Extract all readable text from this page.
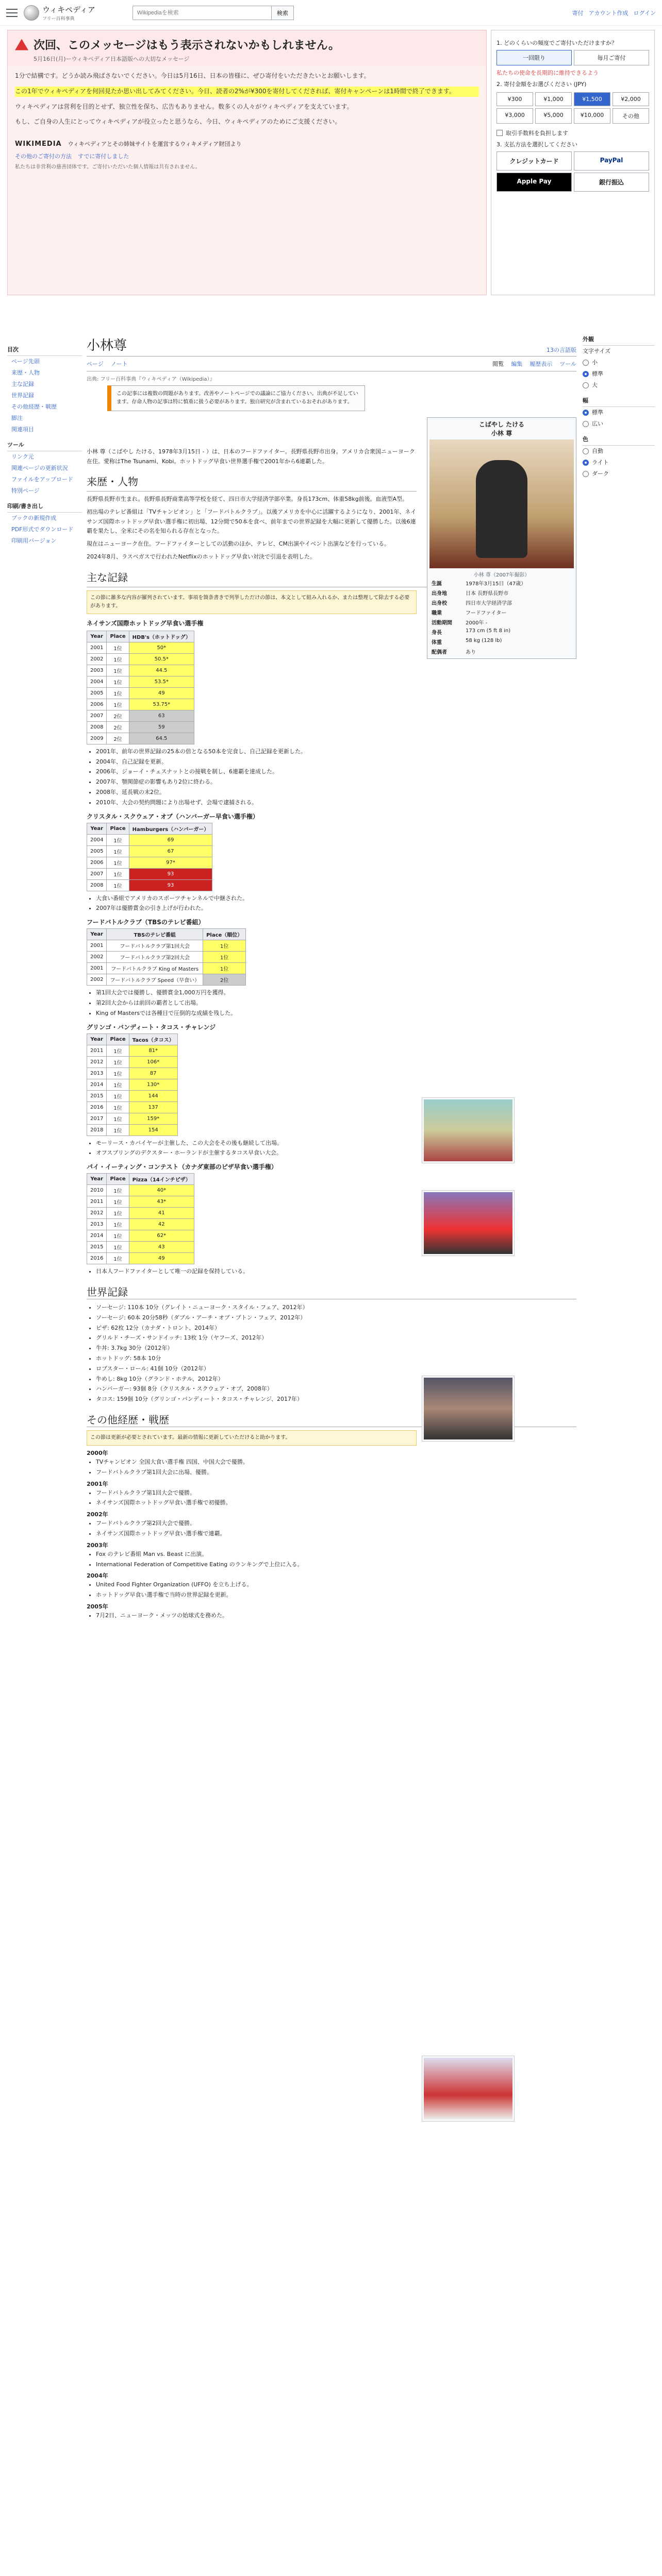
ウィキペディア
フリー百科事典
Wikipediaを検索
検索	寄付 アカウント作成 ログイン
次回、このメッセージはもう表示されないかもしれません。
5月16日(月)ーウィキペディア日本語版への大切なメッセージ

1分で結構です。どうか読み飛ばさないでください。今日は5月16日、日本の皆様に、ぜひ寄付をいただきたいとお願いします。

この1年でウィキペディアを何回見たか思い出してみてください。今日、読者の2%が¥300を寄付してくだされば、寄付キャンペーンは1時間で終了できます。

ウィキペディアは営利を目的とせず、独立性を保ち、広告もありません。数多くの人々がウィキペディアを支えています。

もし、ご自身の人生にとってウィキペディアが役立ったと思うなら、今日、ウィキペディアのためにご支援ください。

WIKIMEDIA ウィキペディアとその姉妹サイトを運営するウィキメディア財団より
その他のご寄付の方法 すでに寄付しました
私たちは非営利の慈善団体です。ご寄付いただいた個人情報は共有されません。
1. どのくらいの頻度でご寄付いただけますか？
一回限り	毎月ご寄付
私たちの使命を長期的に維持できるよう
2. 寄付金額をお選びください (JPY)
¥300	¥1,000	¥1,500	¥2,000
¥3,000	¥5,000	¥10,000	その他
取引手数料を負担します
3. 支払方法を選択してください
クレジットカード	PayPal
Apple Pay	銀行振込
目次
ページ先頭
来歴・人物
主な記録
世界記録
その他経歴・戦歴
脚注
関連項目
ツール
リンク元
関連ページの更新状況
ファイルをアップロード
特別ページ
印刷/書き出し
ブックの新規作成
PDF形式でダウンロード
印刷用バージョン
外観
文字サイズ
小
標準
大
幅
標準
広い
色
自動
ライト
ダーク
小林尊	13の言語版
ページ ノート	閲覧 編集 履歴表示 ツール
出典: フリー百科事典『ウィキペディア（Wikipedia）』
この記事には複数の問題があります。改善やノートページでの議論にご協力ください。出典が不足しています。存命人物の記事は特に慎重に扱う必要があります。独自研究が含まれているおそれがあります。
こばやし たける
小林 尊
小林 尊（2007年撮影）
生誕	1978年3月15日（47歳）
出身地	日本 長野県長野市
出身校	四日市大学経済学部
職業	フードファイター
活動期間	2000年 -
身長	173 cm (5 ft 8 in)
体重	58 kg (128 lb)
配偶者	あり

小林 尊（こばやし たける、1978年3月15日 - ）は、日本のフードファイター。長野県長野市出身。アメリカ合衆国ニューヨーク在住。愛称はThe Tsunami、Kobi。ホットドッグ早食い世界選手権で2001年から6連覇した。

来歴・人物

長野県長野市生まれ。長野県長野商業高等学校を経て、四日市大学経済学部卒業。身長173cm、体重58kg前後。血液型A型。

初出場のテレビ番組は「TVチャンピオン」と「フードバトルクラブ」。以後アメリカを中心に活躍するようになり、2001年、ネイサンズ国際ホットドッグ早食い選手権に初出場、12分間で50本を食べ、前年までの世界記録を大幅に更新して優勝した。以後6連覇を果たし、全米にその名を知られる存在となった。

現在はニューヨーク在住。フードファイターとしての活動のほか、テレビ、CM出演やイベント出演などを行っている。

2024年8月、ラスベガスで行われたNetflixのホットドッグ早食い対決で引退を表明した。

主な記録
この節に雑多な内容が羅列されています。事項を箇条書きで列挙しただけの節は、本文として組み入れるか、または整理して除去する必要があります。
ネイサンズ国際ホットドッグ早食い選手権
Year	Place	HDB's（ホットドッグ）
2001	1位	50*
2002	1位	50.5*
2003	1位	44.5
2004	1位	53.5*
2005	1位	49
2006	1位	53.75*
2007	2位	63
2008	2位	59
2009	2位	64.5
• 2001年、前年の世界記録の25本の倍となる50本を完食し、自己記録を更新した。
• 2004年、自己記録を更新。
• 2006年、ジョーイ・チェスナットとの接戦を制し、6連覇を達成した。
• 2007年、顎関節症の影響もあり2位に終わる。
• 2008年、延長戦の末2位。
• 2010年、大会の契約問題により出場せず、会場で逮捕される。
クリスタル・スクウェア・オブ（ハンバーガー早食い選手権）
Year	Place	Hamburgers（ハンバーガー）
2004	1位	69
2005	1位	67
2006	1位	97*
2007	1位	93
2008	1位	93
• 大食い番組でアメリカのスポーツチャンネルで中継された。
• 2007年は優勝賞金の引き上げが行われた。
フードバトルクラブ（TBSのテレビ番組）
Year	TBSのテレビ番組	Place（順位）
2001	フードバトルクラブ第1回大会	1位
2002	フードバトルクラブ第2回大会	1位
2001	フードバトルクラブ King of Masters	1位
2002	フードバトルクラブ Speed（早食い）	2位
• 第1回大会では優勝し、優勝賞金1,000万円を獲得。
• 第2回大会からは前回の覇者として出場。
• King of Mastersでは各種目で圧倒的な成績を残した。
グリンゴ・バンディート・タコス・チャレンジ
Year	Place	Tacos（タコス）
2011	1位	81*
2012	1位	106*
2013	1位	87
2014	1位	130*
2015	1位	144
2016	1位	137
2017	1位	159*
2018	1位	154
• モーリース・カバイヤーが主催した、この大会をその後も継続して出場。
• オフスプリングのデクスター・ホーランドが主催するタコス早食い大会。
パイ・イーティング・コンテスト（カナダ東部のピザ早食い選手権）
Year	Place	Pizza（14インチピザ）
2010	1位	40*
2011	1位	43*
2012	1位	41
2013	1位	42
2014	1位	62*
2015	1位	43
2016	1位	49
• 日本人フードファイターとして唯一の記録を保持している。
世界記録
• ソーセージ: 110本 10分（グレイト・ニューヨーク・スタイル・フェア、2012年）
• ソーセージ: 60本 20分58秒（ダブル・アーチ・オブ・プトン・フェア、2012年）
• ピザ: 62枚 12分（カナダ・トロント、2014年）
• グリルド・チーズ・サンドイッチ: 13枚 1分（ヤフーズ、2012年）
• 牛丼: 3.7kg 30分（2012年）
• ホットドッグ: 58本 10分
• ロブスター・ロール: 41個 10分（2012年）
• 牛めし: 8kg 10分（グランド・ホテル、2012年）
• ハンバーガー: 93個 8分（クリスタル・スクウェア・オブ、2008年）
• タコス: 159個 10分（グリンゴ・バンディート・タコス・チャレンジ、2017年）
その他経歴・戦歴
この節は更新が必要とされています。最新の情報に更新していただけると助かります。
2000年
• TVチャンピオン 全国大食い選手権 四国、中国大会で優勝。
• フードバトルクラブ第1回大会に出場、優勝。
2001年
• フードバトルクラブ第1回大会で優勝。
• ネイサンズ国際ホットドッグ早食い選手権で初優勝。
2002年
• フードバトルクラブ第2回大会で優勝。
• ネイサンズ国際ホットドッグ早食い選手権で連覇。
2003年
• Fox のテレビ番組 Man vs. Beast に出演。
• International Federation of Competitive Eating のランキングで上位に入る。
2004年
• United Food Fighter Organization (UFFO) を立ち上げる。
• ホットドッグ早食い選手権で当時の世界記録を更新。
2005年
• 7月2日、ニューヨーク・メッツの始球式を務めた。
